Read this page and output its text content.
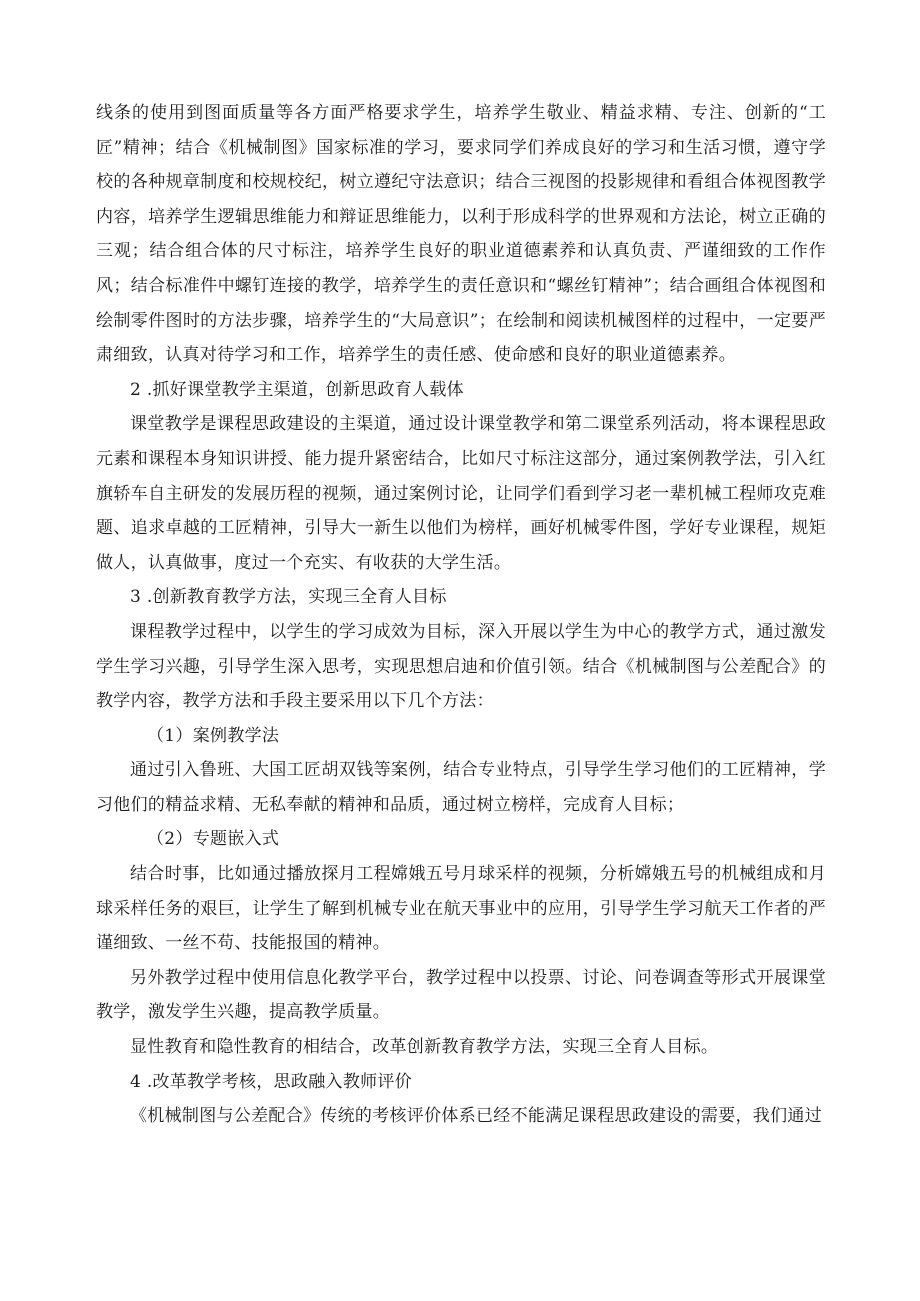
线条的使用到图面质量等各方面严格要求学生，培养学生敬业、精益求精、专注、创新的“工匠”精神；结合《机械制图》国家标准的学习，要求同学们养成良好的学习和生活习惯，遵守学校的各种规章制度和校规校纪，树立遵纪守法意识；结合三视图的投影规律和看组合体视图教学内容，培养学生逻辑思维能力和辩证思维能力，以利于形成科学的世界观和方法论，树立正确的三观；结合组合体的尺寸标注，培养学生良好的职业道德素养和认真负责、严谨细致的工作作风；结合标准件中螺钉连接的教学，培养学生的责任意识和“螺丝钉精神”；结合画组合体视图和绘制零件图时的方法步骤，培养学生的“大局意识”；在绘制和阅读机械图样的过程中，一定要严肃细致，认真对待学习和工作，培养学生的责任感、使命感和良好的职业道德素养。

2 .抓好课堂教学主渠道，创新思政育人载体

课堂教学是课程思政建设的主渠道，通过设计课堂教学和第二课堂系列活动，将本课程思政元素和课程本身知识讲授、能力提升紧密结合，比如尺寸标注这部分，通过案例教学法，引入红旗轿车自主研发的发展历程的视频，通过案例讨论，让同学们看到学习老一辈机械工程师攻克难题、追求卓越的工匠精神，引导大一新生以他们为榜样，画好机械零件图，学好专业课程，规矩做人，认真做事，度过一个充实、有收获的大学生活。

3 .创新教育教学方法，实现三全育人目标

课程教学过程中，以学生的学习成效为目标，深入开展以学生为中心的教学方式，通过激发学生学习兴趣，引导学生深入思考，实现思想启迪和价值引领。结合《机械制图与公差配合》的教学内容，教学方法和手段主要采用以下几个方法：

（1）案例教学法

通过引入鲁班、大国工匠胡双钱等案例，结合专业特点，引导学生学习他们的工匠精神，学习他们的精益求精、无私奉献的精神和品质，通过树立榜样，完成育人目标；

（2）专题嵌入式

结合时事，比如通过播放探月工程嫦娥五号月球采样的视频，分析嫦娥五号的机械组成和月球采样任务的艰巨，让学生了解到机械专业在航天事业中的应用，引导学生学习航天工作者的严谨细致、一丝不苟、技能报国的精神。

另外教学过程中使用信息化教学平台，教学过程中以投票、讨论、问卷调查等形式开展课堂教学，激发学生兴趣，提高教学质量。

显性教育和隐性教育的相结合，改革创新教育教学方法，实现三全育人目标。

4 .改革教学考核，思政融入教师评价

《机械制图与公差配合》传统的考核评价体系已经不能满足课程思政建设的需要，我们通过
